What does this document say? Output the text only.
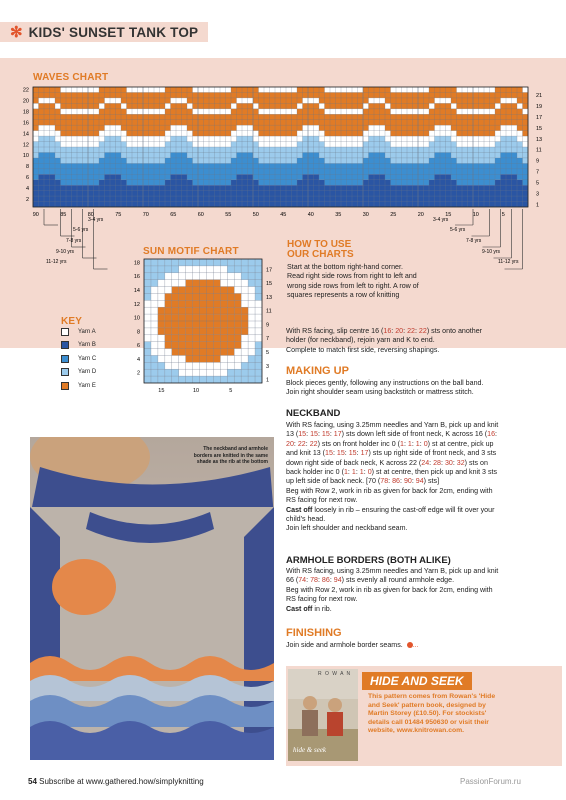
✻ KIDS' SUNSET TANK TOP
WAVES CHART
22
20
18
16
14
12
10
8
6
4
2
21
19
17
15
13
11
9
7
5
3
1
90	85	80	75	70	65	60	55	50	45	40	35	30	25	20	15	10	5
3-4 yrs
5-6 yrs
7-8 yrs
9-10 yrs
11-12 yrs
3-4 yrs
5-6 yrs
7-8 yrs
9-10 yrs
11-12 yrs
SUN MOTIF CHART
18
16
14
12
10
8
6
4
2
17
15
13
11
9
7
5
3
1
15	10	5
KEY
Yarn A
Yarn B
Yarn C
Yarn D
Yarn E
HOW TO USE
OUR CHARTS
Start at the bottom right-hand corner.
Read right side rows from right to left and
wrong side rows from left to right. A row of
squares represents a row of knitting
The neckband and armhole
borders are knitted in the same
shade as the rib at the bottom
With RS facing, slip centre 16 (16: 20: 22: 22) sts onto another
holder (for neckband), rejoin yarn and K to end.
Complete to match first side, reversing shapings.
MAKING UP
Block pieces gently, following any instructions on the ball band.
Join right shoulder seam using backstitch or mattress stitch.
NECKBAND
With RS facing, using 3.25mm needles and Yarn B, pick up and knit
13 (15: 15: 15: 17) sts down left side of front neck, K across 16 (16:
20: 22: 22) sts on front holder inc 0 (1: 1: 1: 0) st at centre, pick up
and knit 13 (15: 15: 15: 17) sts up right side of front neck, and 3 sts
down right side of back neck, K across 22 (24: 28: 30: 32) sts on
back holder inc 0 (1: 1: 1: 0) st at centre, then pick up and knit 3 sts
up left side of back neck. [70 (78: 86: 90: 94) sts]
Beg with Row 2, work in rib as given for back for 2cm, ending with
RS facing for next row.
Cast off loosely in rib – ensuring the cast-off edge will fit over your
child's head.
Join left shoulder and neckband seam.
ARMHOLE BORDERS (BOTH ALIKE)
With RS facing, using 3.25mm needles and Yarn B, pick up and knit
66 (74: 78: 86: 94) sts evenly all round armhole edge.
Beg with Row 2, work in rib as given for back for 2cm, ending with
RS facing for next row.
Cast off in rib.
FINISHING
Join side and armhole border seams. ...
R O W A N
hide & seek
HIDE AND SEEK
This pattern comes from Rowan's 'Hide
and Seek' pattern book, designed by
Martin Storey (£10.50). For stockists'
details call 01484 950630 or visit their
website, www.knitrowan.com.
54 Subscribe at www.gathered.how/simplyknitting	PassionForum.ru
